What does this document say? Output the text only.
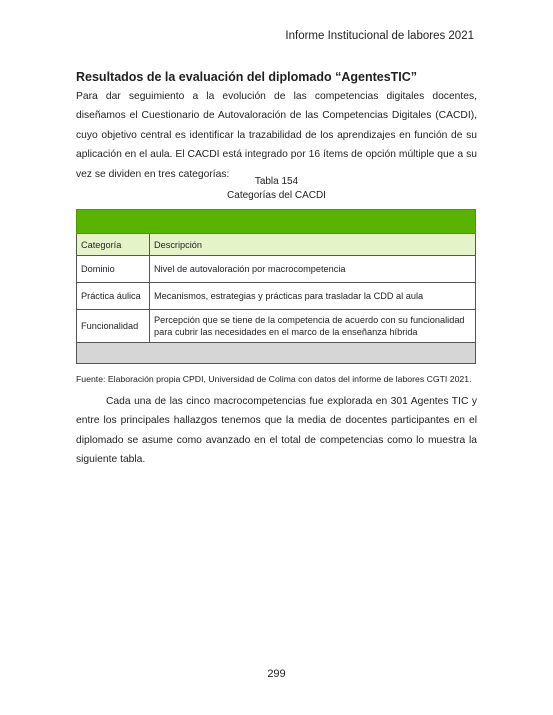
Informe Institucional de labores 2021
Resultados de la evaluación del diplomado “AgentesTIC”

Para dar seguimiento a la evolución de las competencias digitales docentes, diseñamos el Cuestionario de Autovaloración de las Competencias Digitales (CACDI), cuyo objetivo central es identificar la trazabilidad de los aprendizajes en función de su aplicación en el aula. El CACDI está integrado por 16 ítems de opción múltiple que a su vez se dividen en tres categorías:

Tabla 154
Categorías del CACDI

Categoría	Descripción
Dominio	Nivel de autovaloración por macrocompetencia
Práctica áulica	Mecanismos, estrategias y prácticas para trasladar la CDD al aula
Funcionalidad	Percepción que se tiene de la competencia de acuerdo con su funcionalidad para cubrir las necesidades en el marco de la enseñanza híbrida

Fuente: Elaboración propia CPDI, Universidad de Colima con datos del informe de labores CGTI 2021.

Cada una de las cinco macrocompetencias fue explorada en 301 Agentes TIC y entre los principales hallazgos tenemos que la media de docentes participantes en el diplomado se asume como avanzado en el total de competencias como lo muestra la siguiente tabla.

299
